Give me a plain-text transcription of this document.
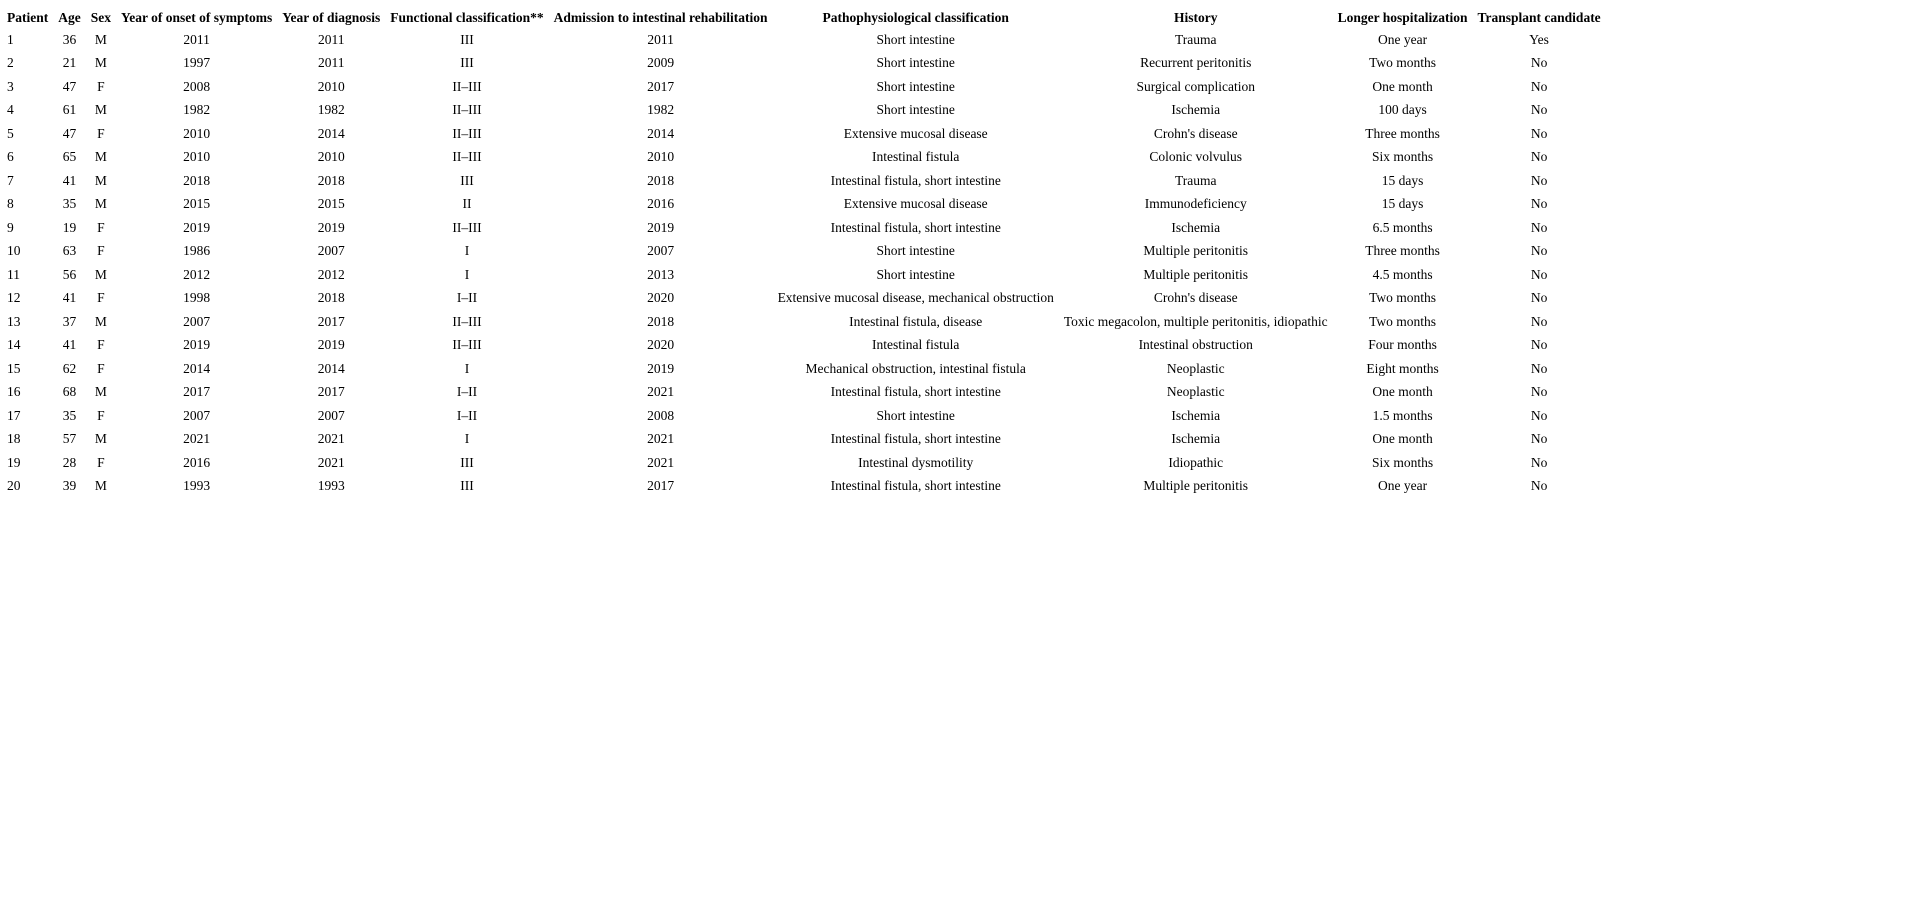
Patient	Age	Sex	Year of onset of symptoms	Year of diagnosis	Functional classification**	Admission to intestinal rehabilitation	Pathophysiological classification	History	Longer hospitalization	Transplant candidate
1	36	M	2011	2011	III	2011	Short intestine	Trauma	One year	Yes
2	21	M	1997	2011	III	2009	Short intestine	Recurrent peritonitis	Two months	No
3	47	F	2008	2010	II–III	2017	Short intestine	Surgical complication	One month	No
4	61	M	1982	1982	II–III	1982	Short intestine	Ischemia	100 days	No
5	47	F	2010	2014	II–III	2014	Extensive mucosal disease	Crohn's disease	Three months	No
6	65	M	2010	2010	II–III	2010	Intestinal fistula	Colonic volvulus	Six months	No
7	41	M	2018	2018	III	2018	Intestinal fistula, short intestine	Trauma	15 days	No
8	35	M	2015	2015	II	2016	Extensive mucosal disease	Immunodeficiency	15 days	No
9	19	F	2019	2019	II–III	2019	Intestinal fistula, short intestine	Ischemia	6.5 months	No
10	63	F	1986	2007	I	2007	Short intestine	Multiple peritonitis	Three months	No
11	56	M	2012	2012	I	2013	Short intestine	Multiple peritonitis	4.5 months	No
12	41	F	1998	2018	I–II	2020	Extensive mucosal disease, mechanical obstruction	Crohn's disease	Two months	No
13	37	M	2007	2017	II–III	2018	Intestinal fistula, disease	Toxic megacolon, multiple peritonitis, idiopathic	Two months	No
14	41	F	2019	2019	II–III	2020	Intestinal fistula	Intestinal obstruction	Four months	No
15	62	F	2014	2014	I	2019	Mechanical obstruction, intestinal fistula	Neoplastic	Eight months	No
16	68	M	2017	2017	I–II	2021	Intestinal fistula, short intestine	Neoplastic	One month	No
17	35	F	2007	2007	I–II	2008	Short intestine	Ischemia	1.5 months	No
18	57	M	2021	2021	I	2021	Intestinal fistula, short intestine	Ischemia	One month	No
19	28	F	2016	2021	III	2021	Intestinal dysmotility	Idiopathic	Six months	No
20	39	M	1993	1993	III	2017	Intestinal fistula, short intestine	Multiple peritonitis	One year	No
